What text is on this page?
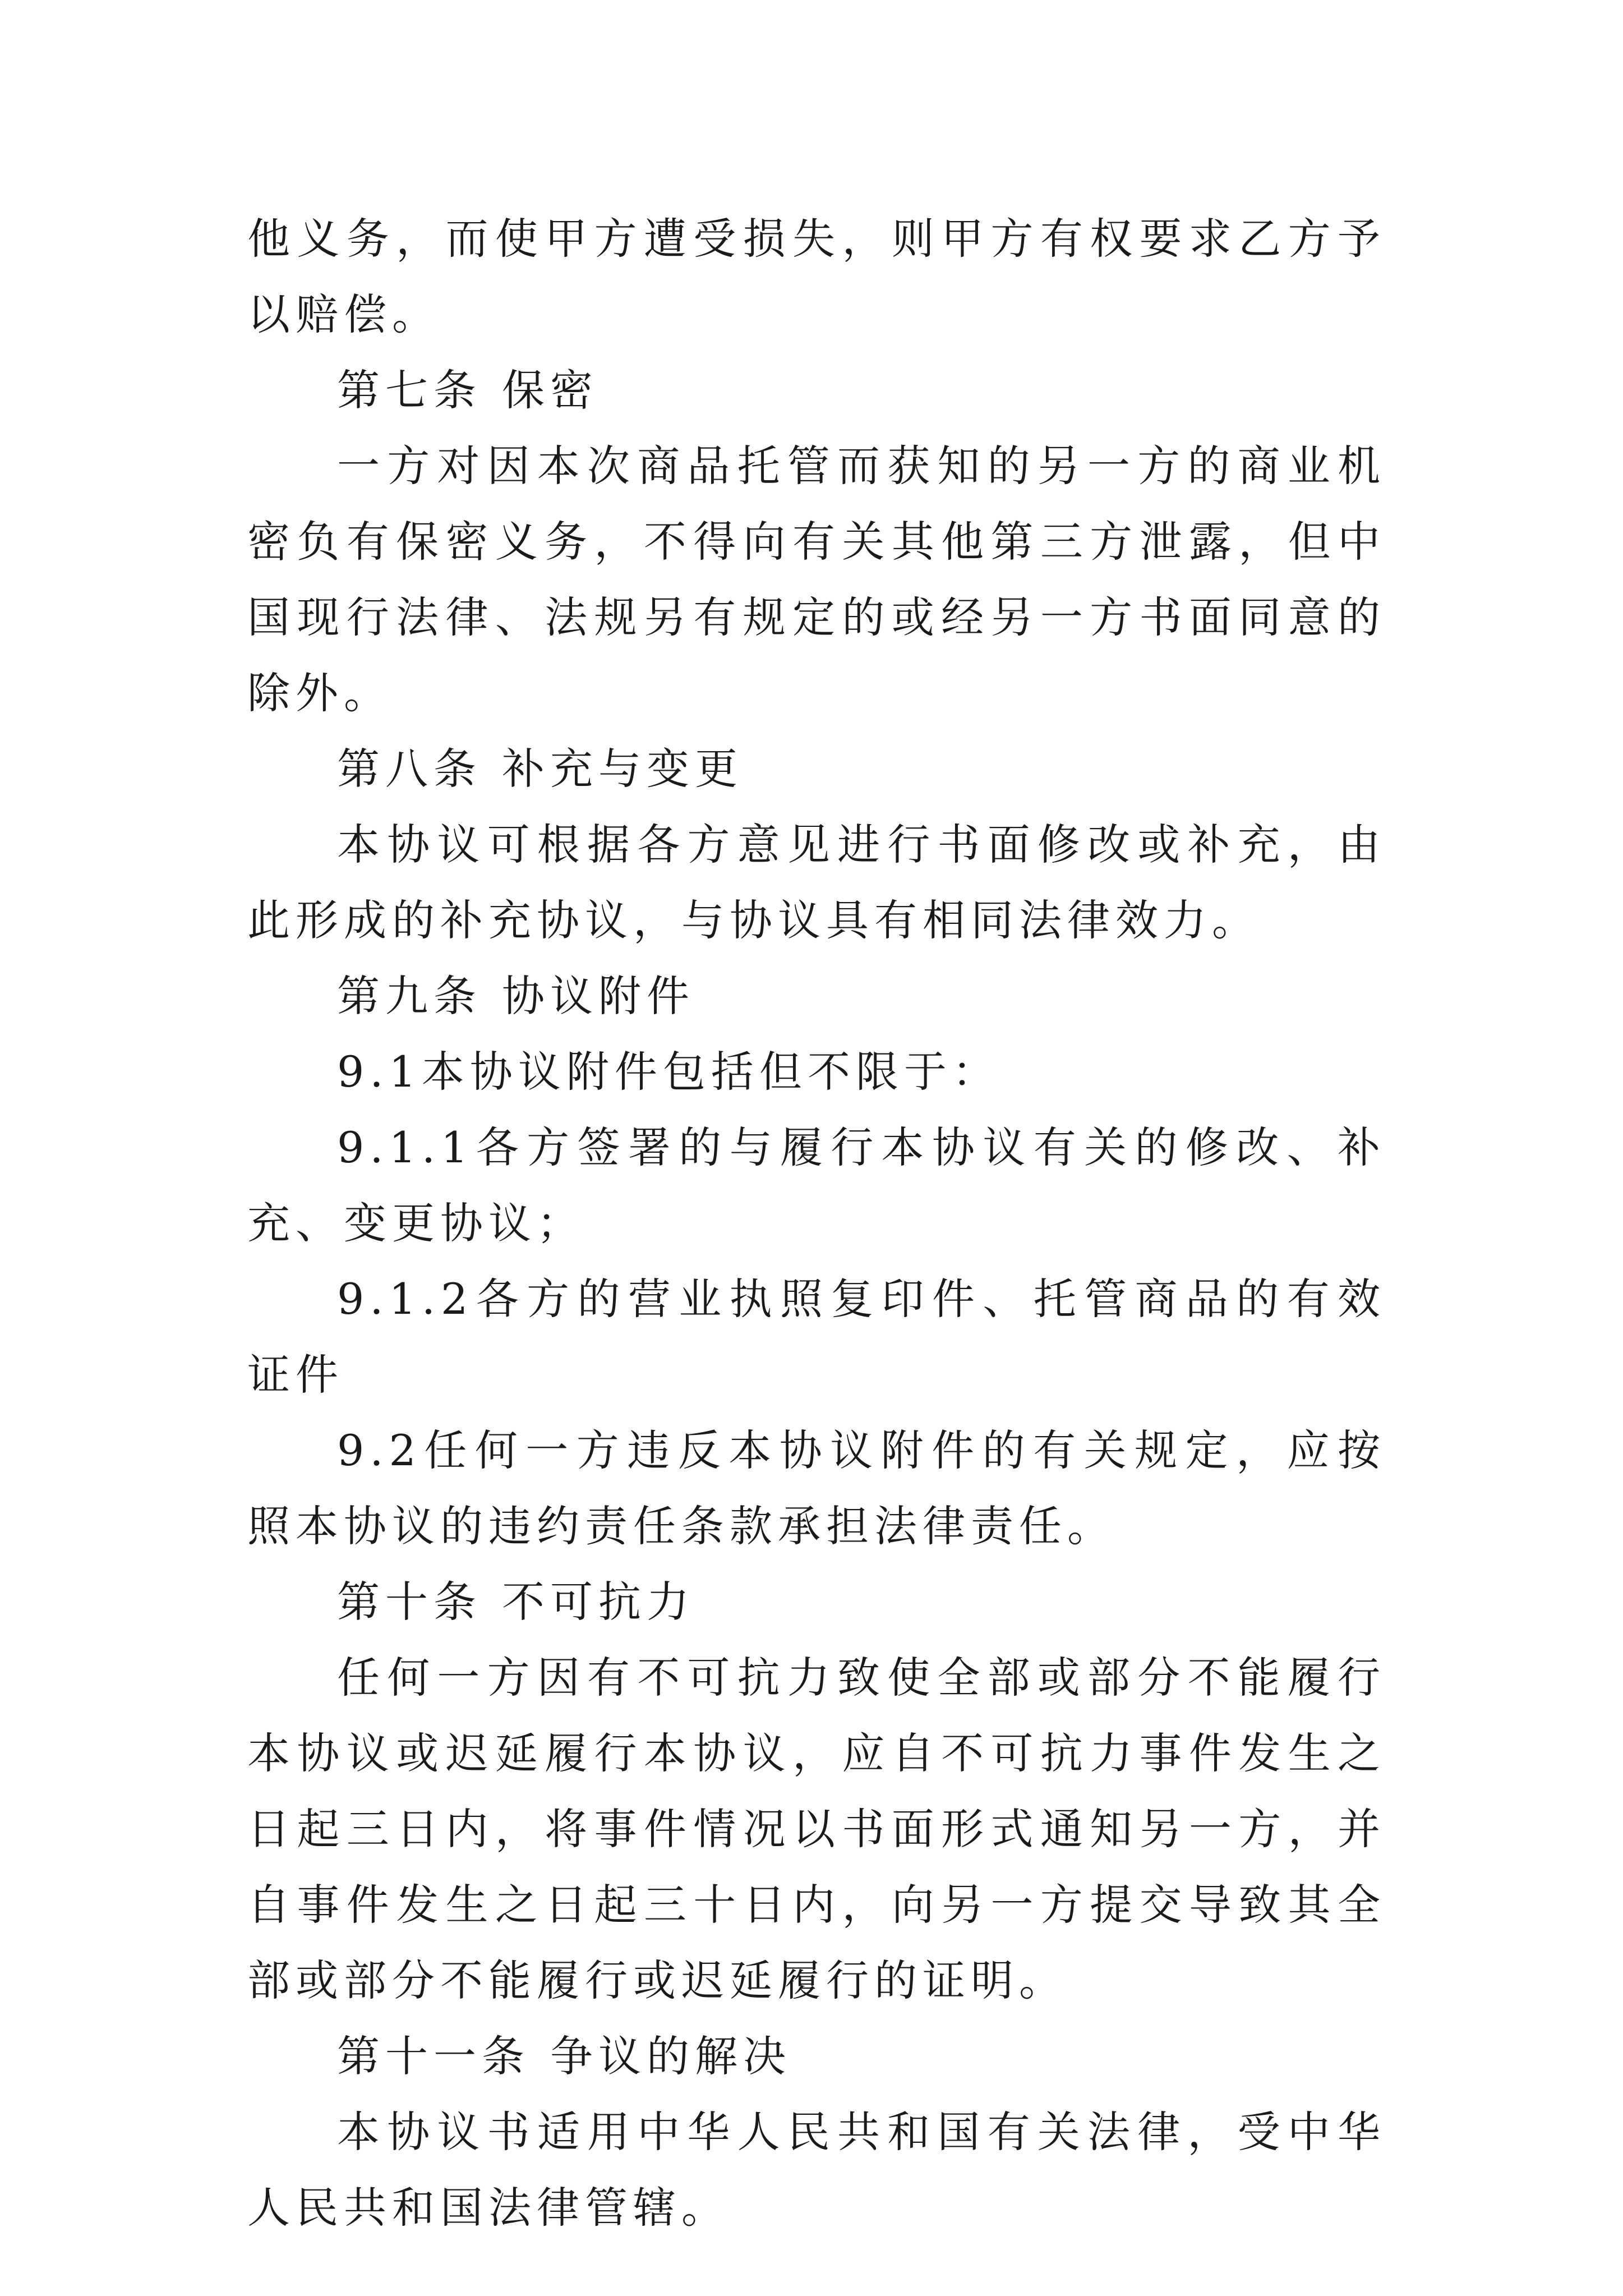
他义务，而使甲方遭受损失，则甲方有权要求乙方予以赔偿。

第七条 保密

一方对因本次商品托管而获知的另一方的商业机密负有保密义务，不得向有关其他第三方泄露，但中国现行法律、法规另有规定的或经另一方书面同意的除外。

第八条 补充与变更

本协议可根据各方意见进行书面修改或补充，由此形成的补充协议，与协议具有相同法律效力。

第九条 协议附件

9.1本协议附件包括但不限于：

9.1.1各方签署的与履行本协议有关的修改、补充、变更协议；

9.1.2各方的营业执照复印件、托管商品的有效证件

9.2任何一方违反本协议附件的有关规定，应按照本协议的违约责任条款承担法律责任。

第十条 不可抗力

任何一方因有不可抗力致使全部或部分不能履行本协议或迟延履行本协议，应自不可抗力事件发生之日起三日内，将事件情况以书面形式通知另一方，并自事件发生之日起三十日内，向另一方提交导致其全部或部分不能履行或迟延履行的证明。

第十一条 争议的解决

本协议书适用中华人民共和国有关法律，受中华人民共和国法律管辖。
